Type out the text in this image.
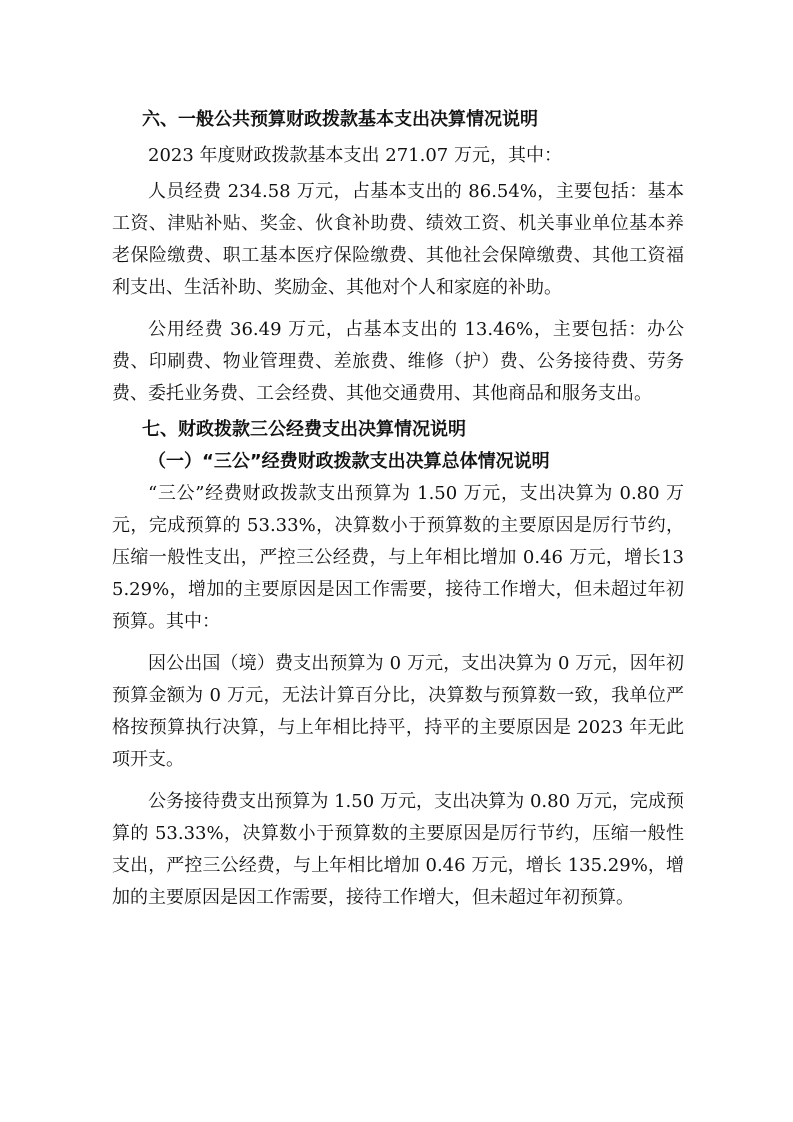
六、一般公共预算财政拨款基本支出决算情况说明

2023 年度财政拨款基本支出 271.07 万元，其中：

人员经费 234.58 万元，占基本支出的 86.54%，主要包括：基本工资、津贴补贴、奖金、伙食补助费、绩效工资、机关事业单位基本养老保险缴费、职工基本医疗保险缴费、其他社会保障缴费、其他工资福利支出、生活补助、奖励金、其他对个人和家庭的补助。

公用经费 36.49 万元，占基本支出的 13.46%，主要包括：办公费、印刷费、物业管理费、差旅费、维修（护）费、公务接待费、劳务费、委托业务费、工会经费、其他交通费用、其他商品和服务支出。

七、财政拨款三公经费支出决算情况说明
（一）“三公”经费财政拨款支出决算总体情况说明

“三公”经费财政拨款支出预算为 1.50 万元，支出决算为 0.80 万元，完成预算的 53.33%，决算数小于预算数的主要原因是厉行节约，压缩一般性支出，严控三公经费，与上年相比增加 0.46 万元，增长135.29%，增加的主要原因是因工作需要，接待工作增大，但未超过年初预算。其中：

因公出国（境）费支出预算为 0 万元，支出决算为 0 万元，因年初预算金额为 0 万元，无法计算百分比，决算数与预算数一致，我单位严格按预算执行决算，与上年相比持平，持平的主要原因是 2023 年无此项开支。

公务接待费支出预算为 1.50 万元，支出决算为 0.80 万元，完成预算的 53.33%，决算数小于预算数的主要原因是厉行节约，压缩一般性支出，严控三公经费，与上年相比增加 0.46 万元，增长 135.29%，增加的主要原因是因工作需要，接待工作增大，但未超过年初预算。
